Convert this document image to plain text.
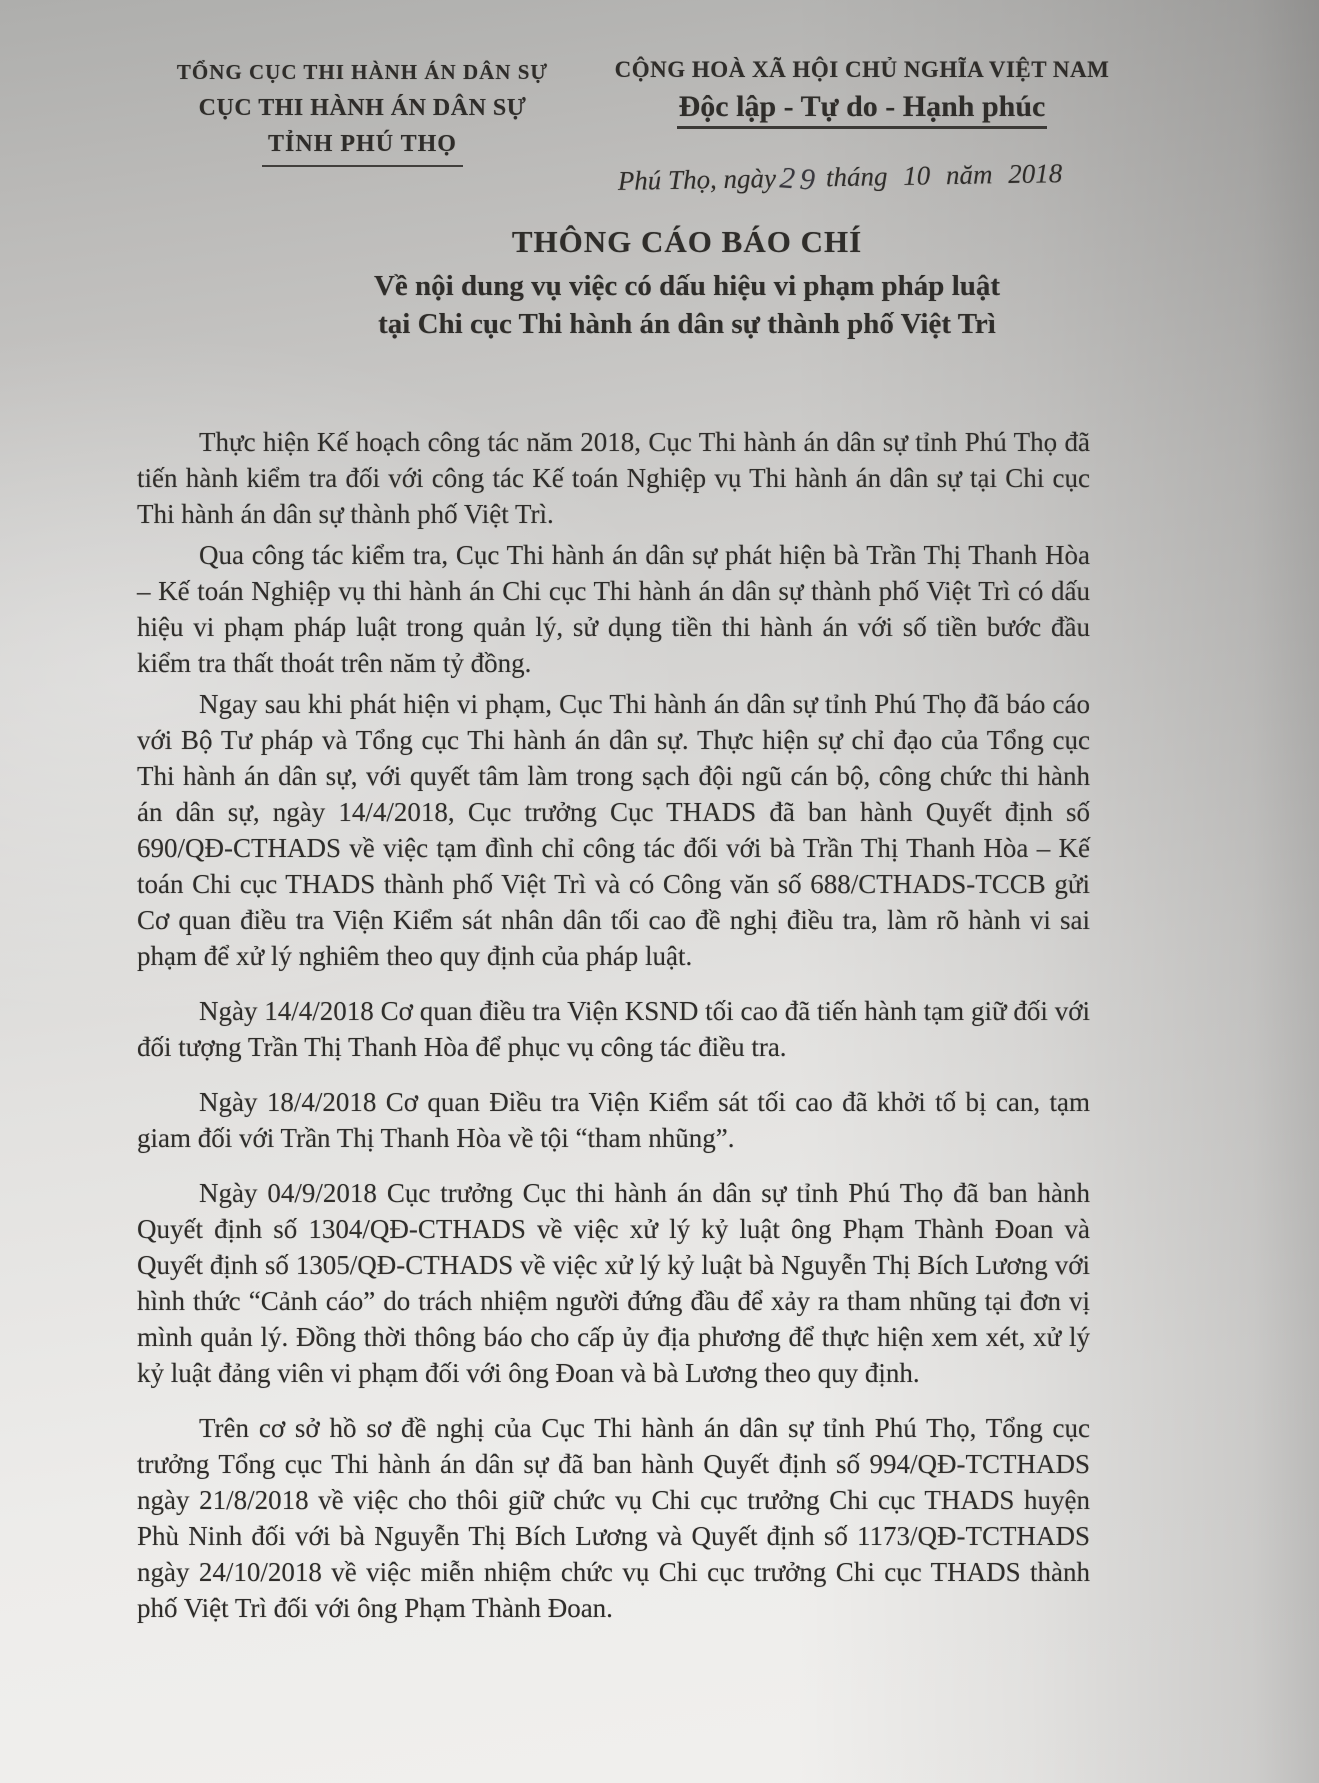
TỔNG CỤC THI HÀNH ÁN DÂN SỰ
CỤC THI HÀNH ÁN DÂN SỰ
TỈNH PHÚ THỌ
CỘNG HOÀ XÃ HỘI CHỦ NGHĨA VIỆT NAM
Độc lập - Tự do - Hạnh phúc
Phú Thọ, ngày29 tháng 10 năm 2018
THÔNG CÁO BÁO CHÍ
Về nội dung vụ việc có dấu hiệu vi phạm pháp luật
tại Chi cục Thi hành án dân sự thành phố Việt Trì

Thực hiện Kế hoạch công tác năm 2018, Cục Thi hành án dân sự tỉnh Phú Thọ đã tiến hành kiểm tra đối với công tác Kế toán Nghiệp vụ Thi hành án dân sự tại Chi cục Thi hành án dân sự thành phố Việt Trì.

Qua công tác kiểm tra, Cục Thi hành án dân sự phát hiện bà Trần Thị Thanh Hòa – Kế toán Nghiệp vụ thi hành án Chi cục Thi hành án dân sự thành phố Việt Trì có dấu hiệu vi phạm pháp luật trong quản lý, sử dụng tiền thi hành án với số tiền bước đầu kiểm tra thất thoát trên năm tỷ đồng.

Ngay sau khi phát hiện vi phạm, Cục Thi hành án dân sự tỉnh Phú Thọ đã báo cáo với Bộ Tư pháp và Tổng cục Thi hành án dân sự. Thực hiện sự chỉ đạo của Tổng cục Thi hành án dân sự, với quyết tâm làm trong sạch đội ngũ cán bộ, công chức thi hành án dân sự, ngày 14/4/2018, Cục trưởng Cục THADS đã ban hành Quyết định số 690/QĐ-CTHADS về việc tạm đình chỉ công tác đối với bà Trần Thị Thanh Hòa – Kế toán Chi cục THADS thành phố Việt Trì và có Công văn số 688/CTHADS-TCCB gửi Cơ quan điều tra Viện Kiểm sát nhân dân tối cao đề nghị điều tra, làm rõ hành vi sai phạm để xử lý nghiêm theo quy định của pháp luật.

Ngày 14/4/2018 Cơ quan điều tra Viện KSND tối cao đã tiến hành tạm giữ đối với đối tượng Trần Thị Thanh Hòa để phục vụ công tác điều tra.

Ngày 18/4/2018 Cơ quan Điều tra Viện Kiểm sát tối cao đã khởi tố bị can, tạm giam đối với Trần Thị Thanh Hòa về tội “tham nhũng”.

Ngày 04/9/2018 Cục trưởng Cục thi hành án dân sự tỉnh Phú Thọ đã ban hành Quyết định số 1304/QĐ-CTHADS về việc xử lý kỷ luật ông Phạm Thành Đoan và Quyết định số 1305/QĐ-CTHADS về việc xử lý kỷ luật bà Nguyễn Thị Bích Lương với hình thức “Cảnh cáo” do trách nhiệm người đứng đầu để xảy ra tham nhũng tại đơn vị mình quản lý. Đồng thời thông báo cho cấp ủy địa phương để thực hiện xem xét, xử lý kỷ luật đảng viên vi phạm đối với ông Đoan và bà Lương theo quy định.

Trên cơ sở hồ sơ đề nghị của Cục Thi hành án dân sự tỉnh Phú Thọ, Tổng cục trưởng Tổng cục Thi hành án dân sự đã ban hành Quyết định số 994/QĐ-TCTHADS ngày 21/8/2018 về việc cho thôi giữ chức vụ Chi cục trưởng Chi cục THADS huyện Phù Ninh đối với bà Nguyễn Thị Bích Lương và Quyết định số 1173/QĐ-TCTHADS ngày 24/10/2018 về việc miễn nhiệm chức vụ Chi cục trưởng Chi cục THADS thành phố Việt Trì đối với ông Phạm Thành Đoan.
